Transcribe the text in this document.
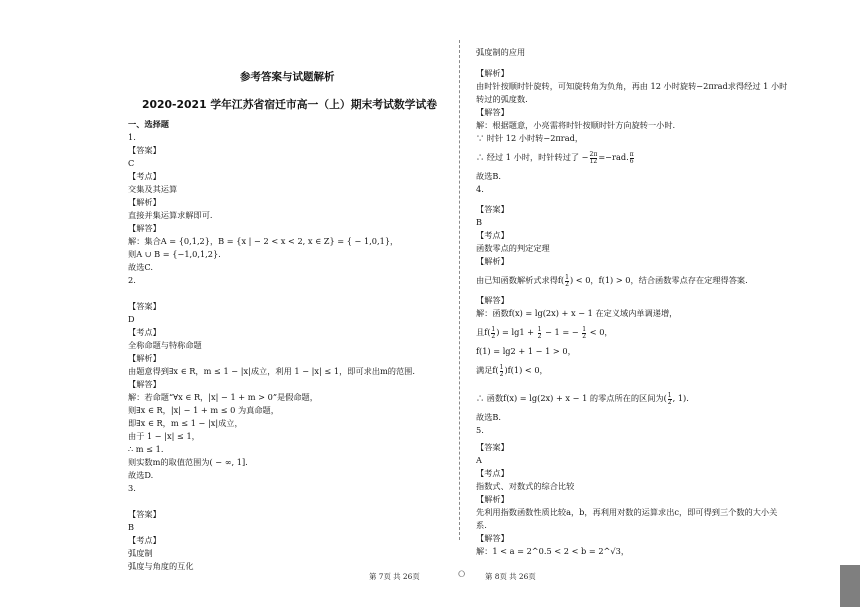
参考答案与试题解析
2020-2021 学年江苏省宿迁市高一（上）期末考试数学试卷
一、选择题
1.
【答案】
C
【考点】
交集及其运算
【解析】
直接并集运算求解即可.
【解答】
解：集合A = {0,1,2}，B = {x | − 2 < x < 2, x ∈ Z} = { − 1,0,1}，
则A ∪ B = {−1,0,1,2}.
故选C.
2.
【答案】
D
【考点】
全称命题与特称命题
【解析】
由题意得到∃x ∈ R，m ≤ 1 − |x|成立，利用 1 − |x| ≤ 1，即可求出m的范围.
【解答】
解：若命题“∀x ∈ R，|x| − 1 + m > 0”是假命题，
则∃x ∈ R，|x| − 1 + m ≤ 0 为真命题，
即∃x ∈ R，m ≤ 1 − |x|成立，
由于 1 − |x| ≤ 1，
∴ m ≤ 1.
则实数m的取值范围为( − ∞, 1].
故选D.
3.
【答案】
B
【考点】
弧度制
弧度与角度的互化
弧度制的应用
【解析】
由时针按顺时针旋转，可知旋转角为负角，再由 12 小时旋转−2πrad求得经过 1 小时
转过的弧度数.
【解答】
解：根据题意，小亮需将时针按顺时针方向旋转一小时.
∵ 时针 12 小时转−2πrad，
∴ 经过 1 小时，时针转过了 − $\frac{2\pi}{12} =-rad$. $\frac{\pi}{6}$
故选B.
4.
【答案】
B
【考点】
函数零点的判定定理
【解析】
由已知函数解析式求得$f( \frac{1}{2}$ ) < 0，f(1) > 0，结合函数零点存在定理得答案.
【解答】
解：函数f(x) = lg(2x) + x − 1 在定义域内单调递增，
且$f( \frac{1}{2}$ ) = $\lg 1 + \frac{1}{2} - 1$ = − $\frac{1}{2} < 0$，
f(1) = lg2 + 1 − 1 > 0，
满足$f( \frac{1}{2} )f(1) < 0$，
∴ 函数f(x) = lg(2x) + x − 1 的零点所在的区间为( $\frac{1}{2}$ , 1).
故选B.
5.
【答案】
A
【考点】
指数式、对数式的综合比较
【解析】
先利用指数函数性质比较a，b，再利用对数的运算求出c，即可得到三个数的大小关
系.
【解答】
解：1 < a = 2^0.5 < 2 < b = 2^√3，
第 7页 共 26页	⭘	第 8页 共 26页
